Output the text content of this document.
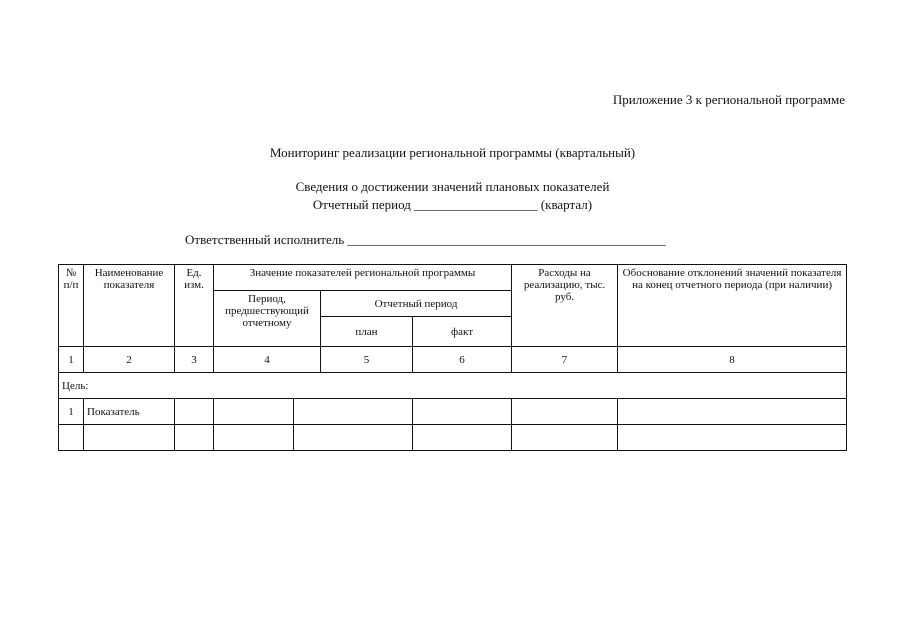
Приложение 3 к региональной программе
Мониторинг реализации региональной программы (квартальный)
Сведения о достижении значений плановых показателей
Отчетный период ___________________ (квартал)
Ответственный исполнитель _________________________________________________
№ п/п	Наименование показателя	Ед. изм.	Значение показателей региональной программы				Расходы на реализацию, тыс. руб.	Обоснование отклонений значений показателя на конец отчетного периода (при наличии)
			Период, предшествующий отчетному		Отчетный период			
					план	факт		
1	2	3	4		5	6	7	8
Цель:								
1	Показатель							
